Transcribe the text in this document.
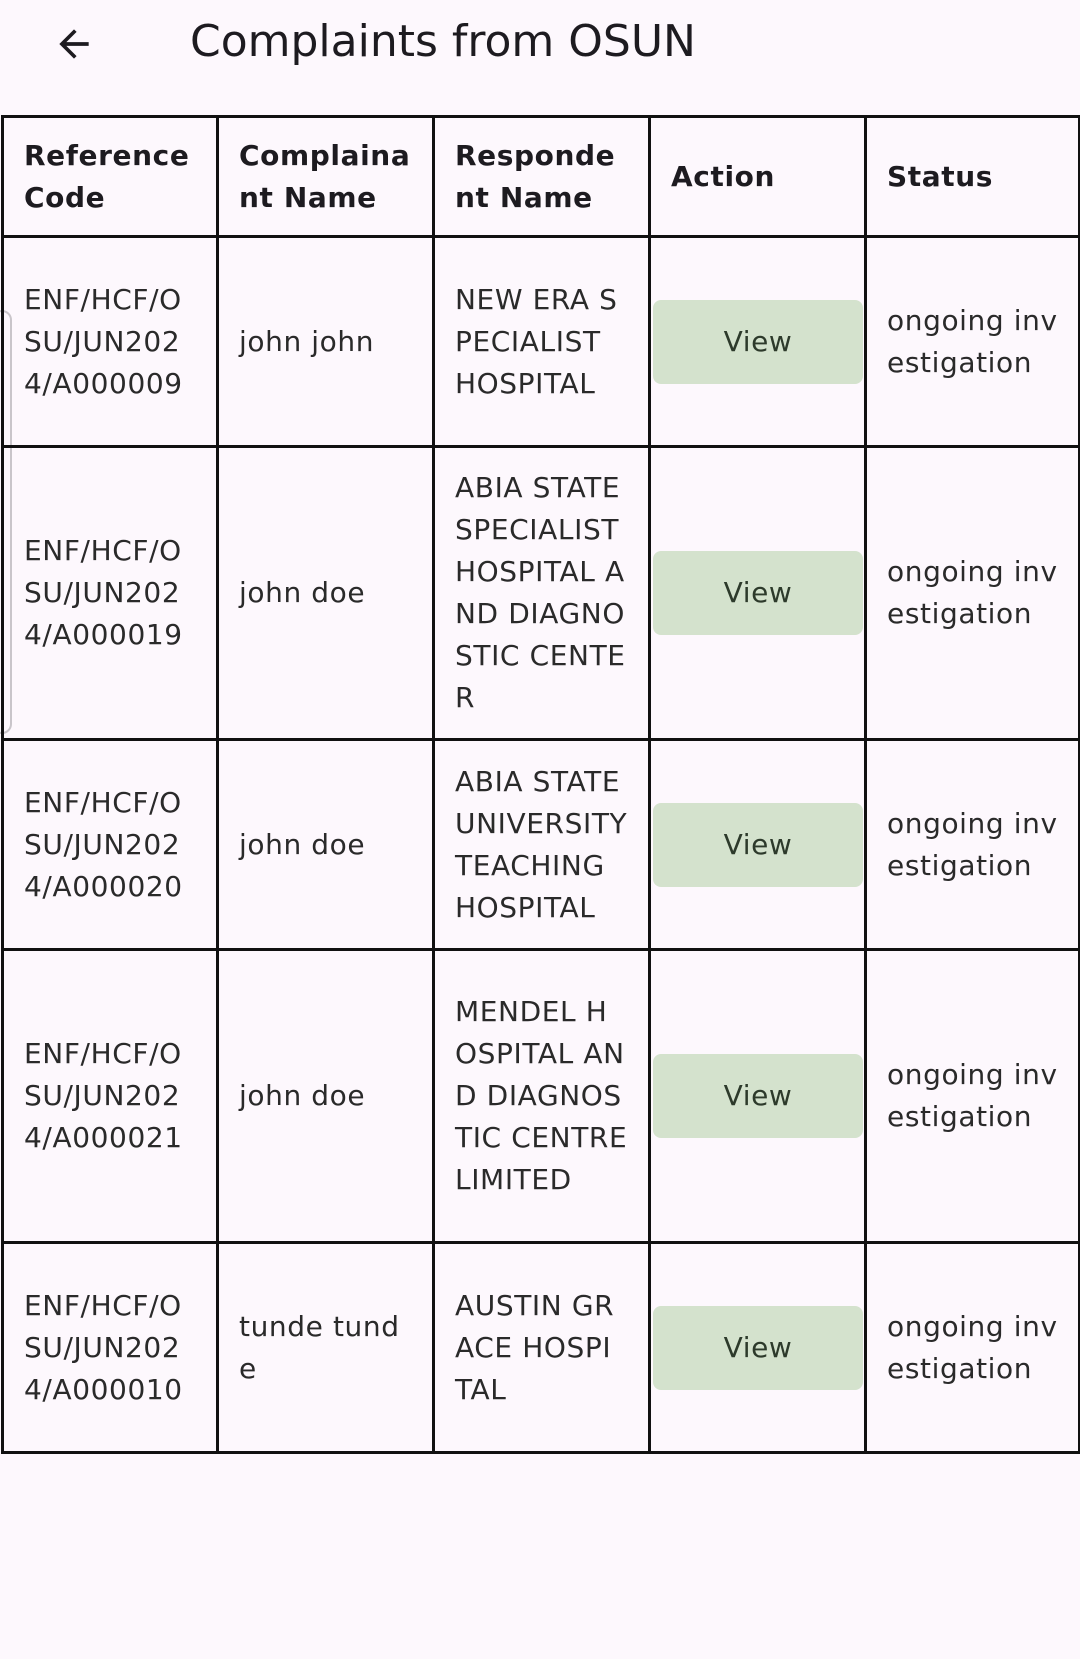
Complaints from OSUN
Reference Code	Complainant Name	Respondent Name	Action	Status
ENF/HCF/OSU/JUN2024/A000009	john john	NEW ERA SPECIALIST HOSPITAL	View	ongoing investigation
ENF/HCF/OSU/JUN2024/A000019	john doe	ABIA STATE SPECIALIST HOSPITAL AND DIAGNOSTIC CENTER	View	ongoing investigation
ENF/HCF/OSU/JUN2024/A000020	john doe	ABIA STATE UNIVERSITY TEACHING HOSPITAL	View	ongoing investigation
ENF/HCF/OSU/JUN2024/A000021	john doe	MENDEL HOSPITAL AND DIAGNOSTIC CENTRE LIMITED	View	ongoing investigation
ENF/HCF/OSU/JUN2024/A000010	tunde tunde	AUSTIN GRACE HOSPITAL	View	ongoing investigation
